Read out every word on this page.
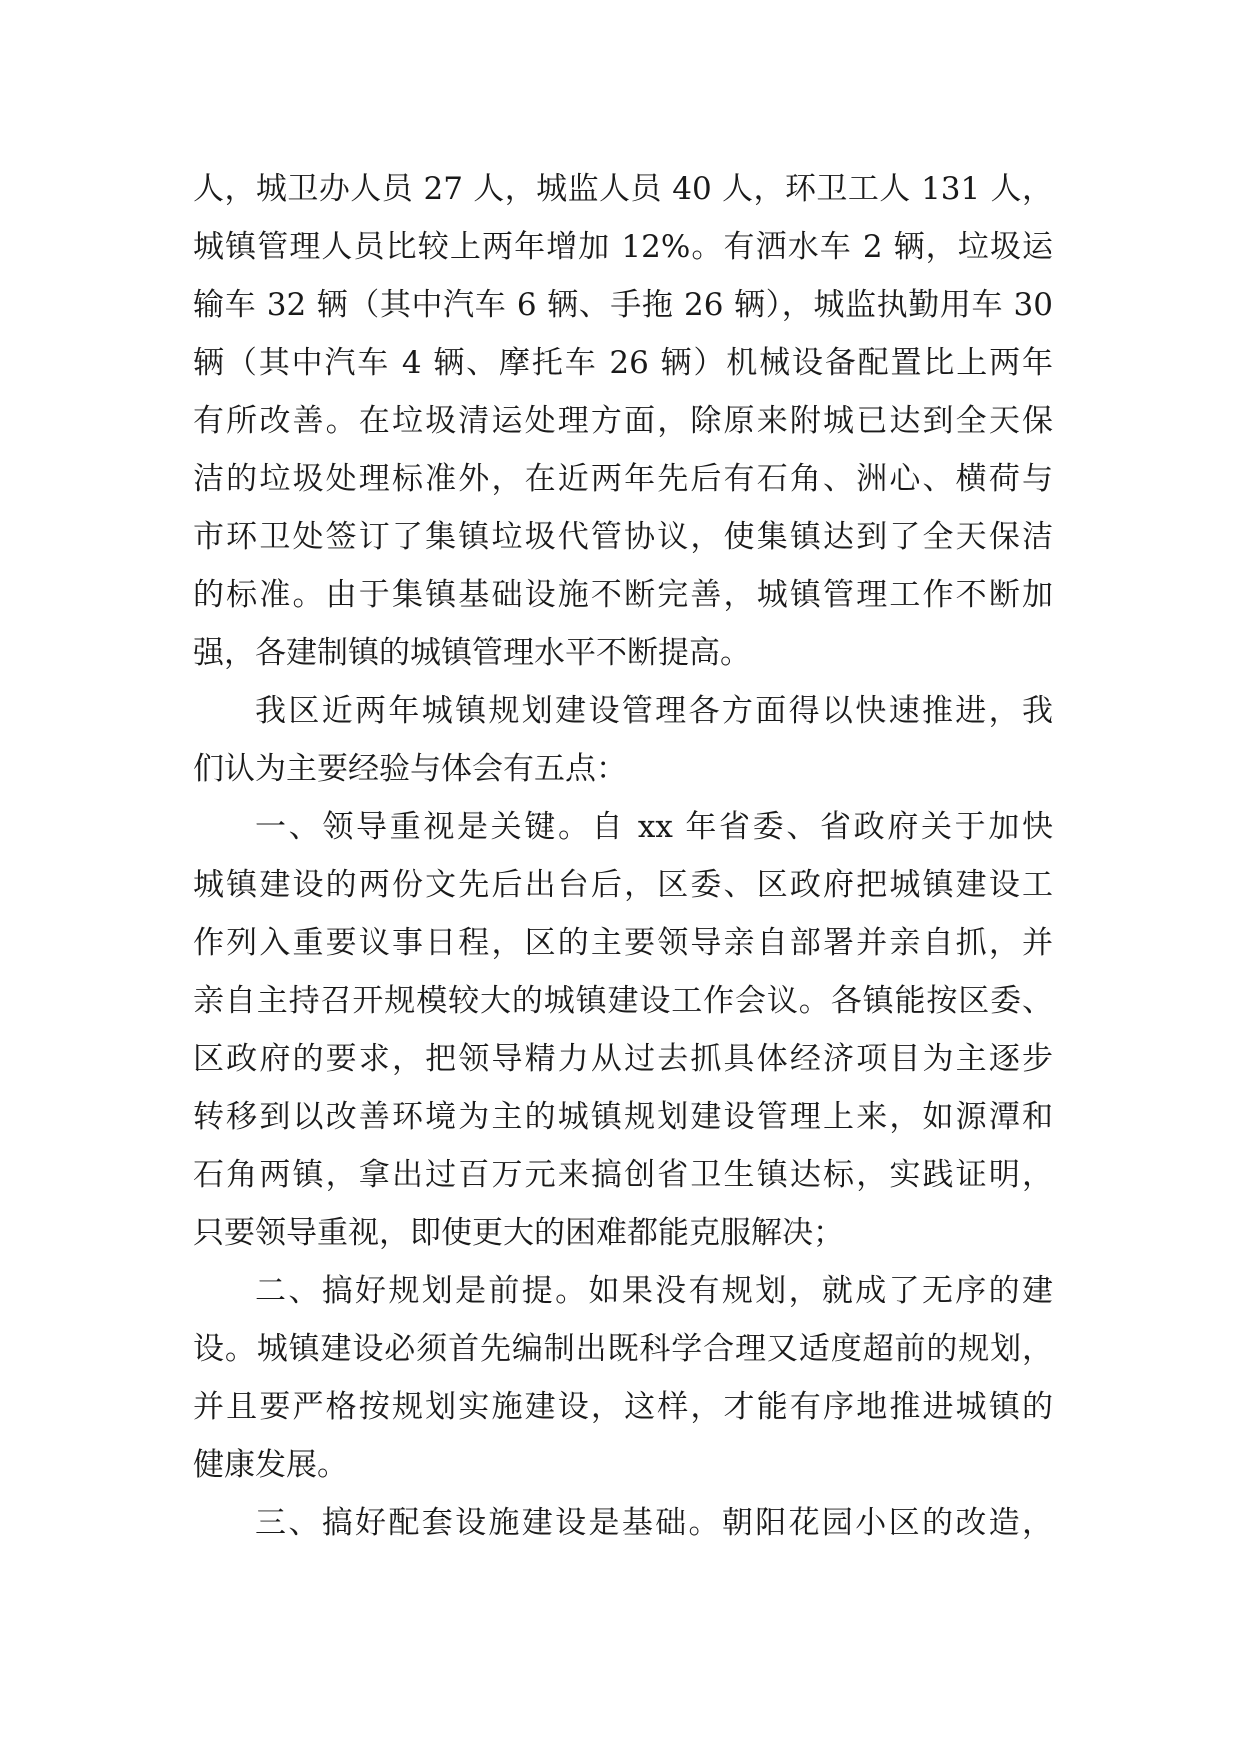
人，城卫办人员 27 人，城监人员 40 人，环卫工人 131 人，
城镇管理人员比较上两年增加 12%。有洒水车 2 辆，垃圾运
输车 32 辆（其中汽车 6 辆、手拖 26 辆），城监执勤用车 30
辆（其中汽车 4 辆、摩托车 26 辆）机械设备配置比上两年
有所改善。在垃圾清运处理方面，除原来附城已达到全天保
洁的垃圾处理标准外，在近两年先后有石角、洲心、横荷与
市环卫处签订了集镇垃圾代管协议，使集镇达到了全天保洁
的标准。由于集镇基础设施不断完善，城镇管理工作不断加
强，各建制镇的城镇管理水平不断提高。
我区近两年城镇规划建设管理各方面得以快速推进，我
们认为主要经验与体会有五点：
一、领导重视是关键。自 xx 年省委、省政府关于加快
城镇建设的两份文先后出台后，区委、区政府把城镇建设工
作列入重要议事日程，区的主要领导亲自部署并亲自抓，并
亲自主持召开规模较大的城镇建设工作会议。各镇能按区委、
区政府的要求，把领导精力从过去抓具体经济项目为主逐步
转移到以改善环境为主的城镇规划建设管理上来，如源潭和
石角两镇，拿出过百万元来搞创省卫生镇达标，实践证明，
只要领导重视，即使更大的困难都能克服解决；
二、搞好规划是前提。如果没有规划，就成了无序的建
设。城镇建设必须首先编制出既科学合理又适度超前的规划，
并且要严格按规划实施建设，这样，才能有序地推进城镇的
健康发展。
三、搞好配套设施建设是基础。朝阳花园小区的改造，
